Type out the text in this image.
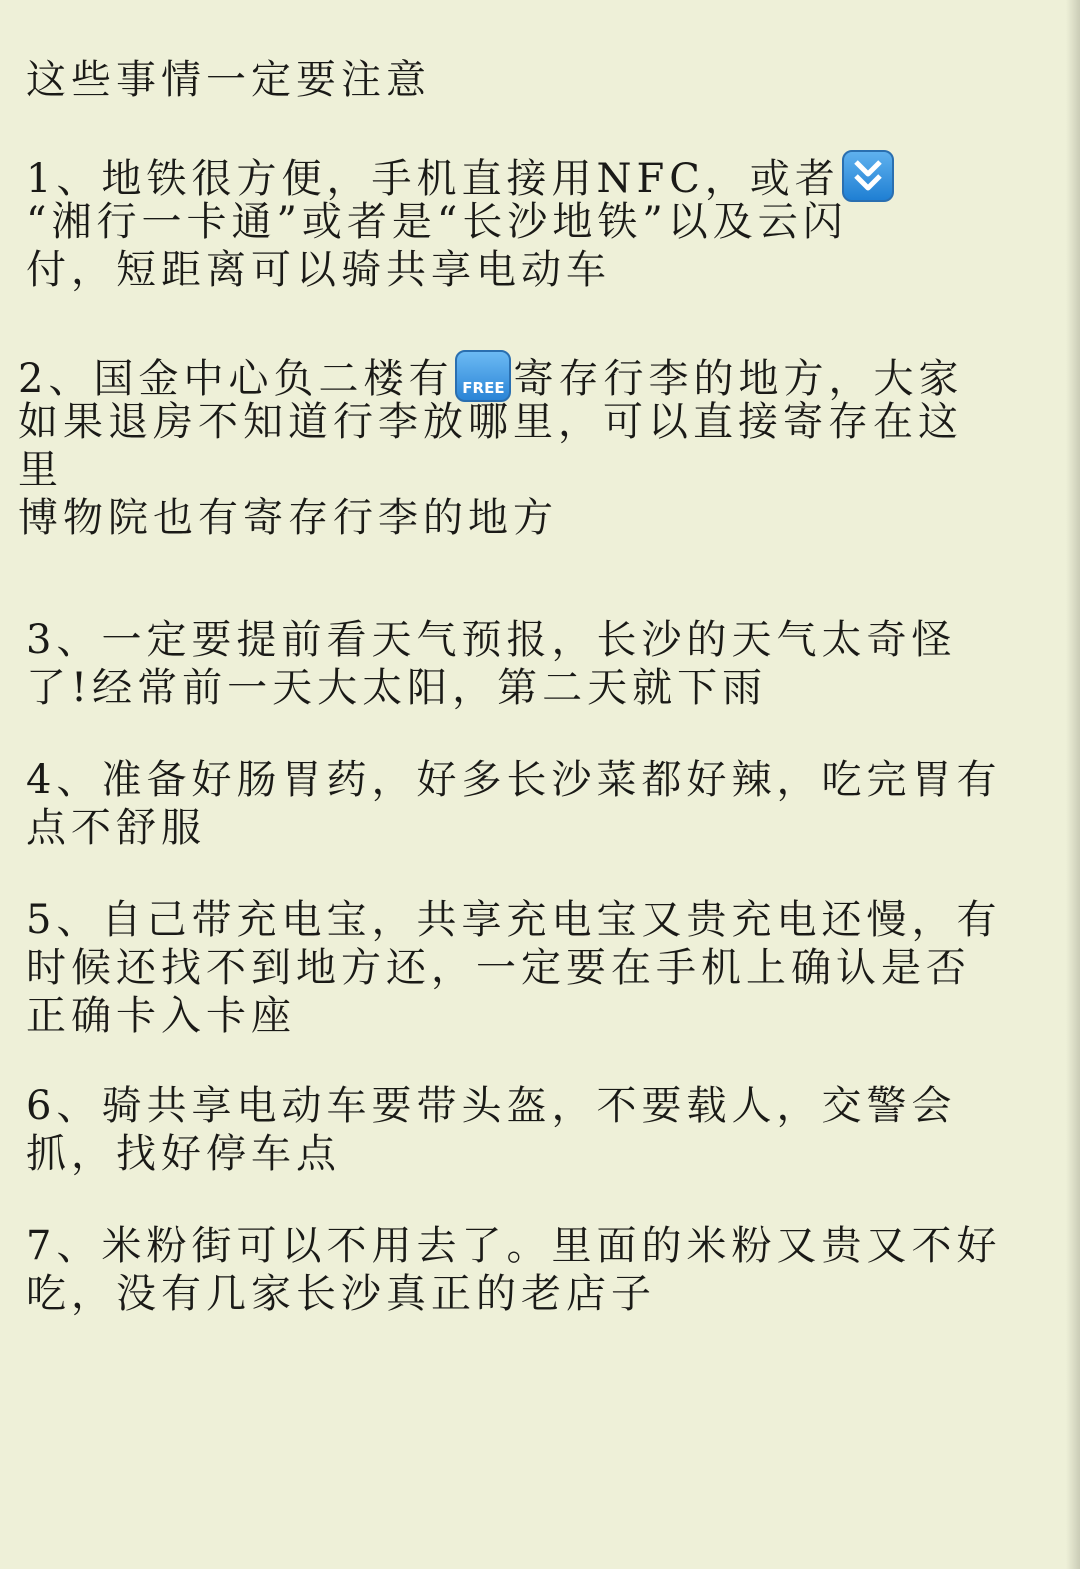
这些事情一定要注意
1、地铁很方便，手机直接用NFC，或者
“湘行一卡通”或者是“长沙地铁”以及云闪
付，短距离可以骑共享电动车
2、国金中心负二楼有 FREE 寄存行李的地方，大家
如果退房不知道行李放哪里，可以直接寄存在这
里
博物院也有寄存行李的地方
3、一定要提前看天气预报，长沙的天气太奇怪
了!经常前一天大太阳，第二天就下雨
4、准备好肠胃药，好多长沙菜都好辣，吃完胃有
点不舒服
5、自己带充电宝，共享充电宝又贵充电还慢，有
时候还找不到地方还，一定要在手机上确认是否
正确卡入卡座
6、骑共享电动车要带头盔，不要载人，交警会
抓，找好停车点
7、米粉街可以不用去了。里面的米粉又贵又不好
吃，没有几家长沙真正的老店子
